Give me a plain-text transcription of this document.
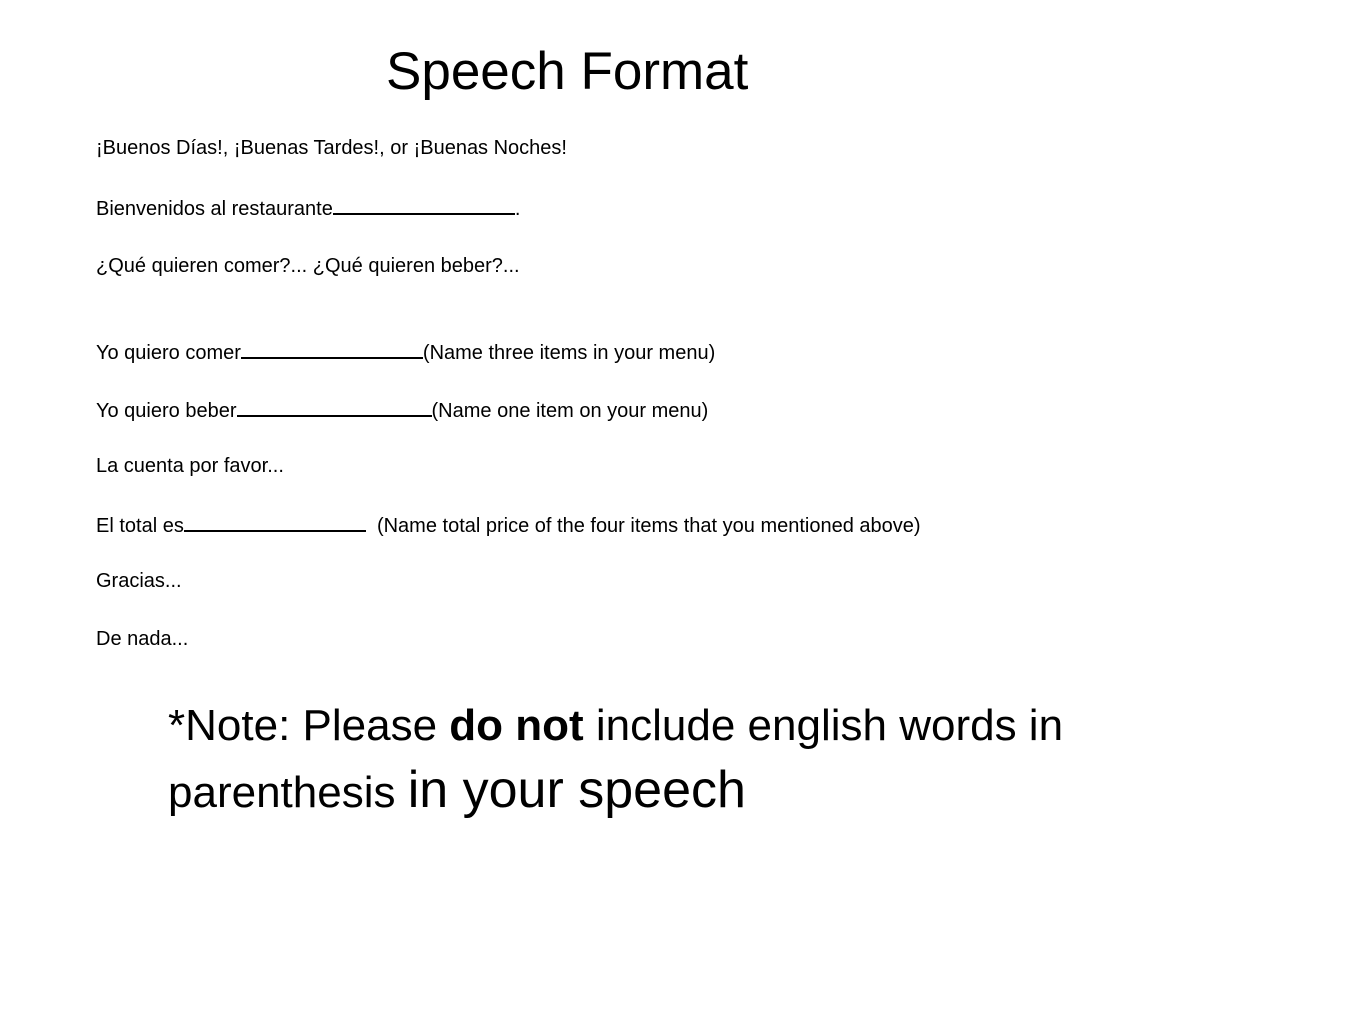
Speech Format
¡Buenos Días!, ¡Buenas Tardes!, or ¡Buenas Noches!
Bienvenidos al restaurante	.
¿Qué quieren comer?... ¿Qué quieren beber?...
Yo quiero comer	(Name three items in your menu)
Yo quiero beber	(Name one item on your menu)
La cuenta por favor...
El total es	(Name total price of the four items that you mentioned above)
Gracias...
De nada...
*Note: Please do not include english words in parenthesis in your speech
